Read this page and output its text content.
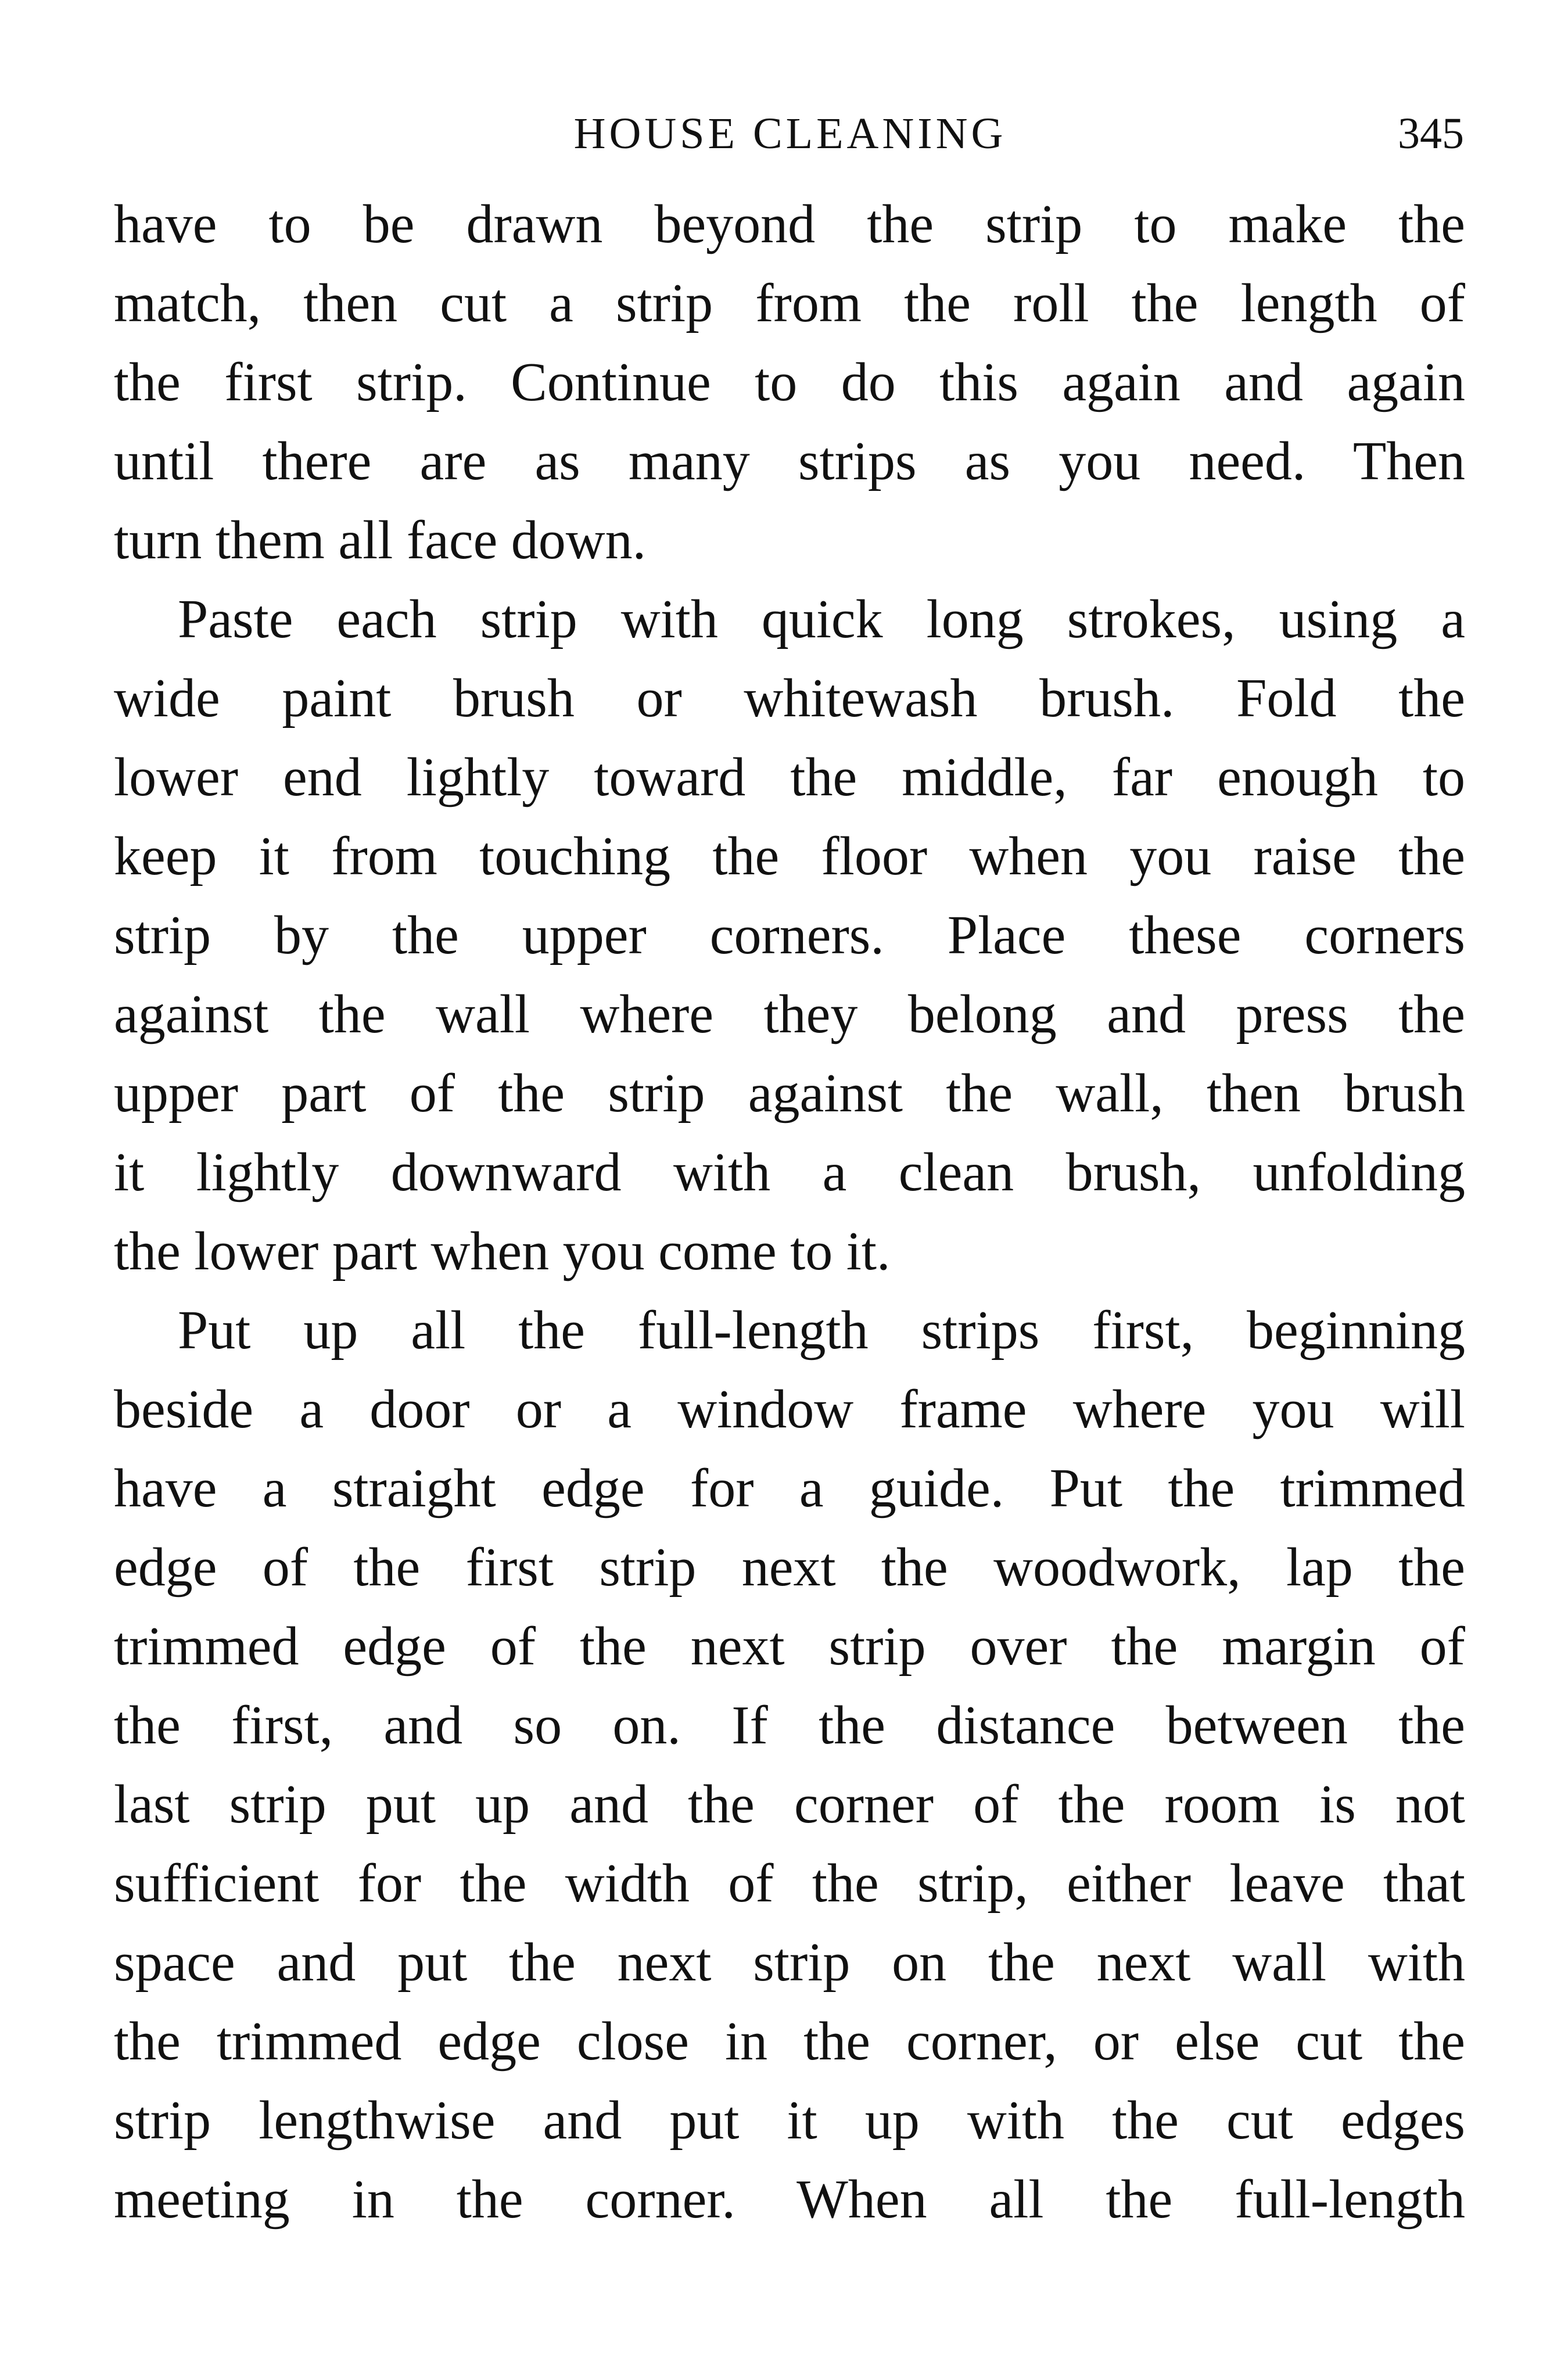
HOUSE CLEANING	345
have to be drawn beyond the strip to make the
match, then cut a strip from the roll the length of
the first strip. Continue to do this again and again
until there are as many strips as you need. Then
turn them all face down.
Paste each strip with quick long strokes, using a
wide paint brush or whitewash brush. Fold the
lower end lightly toward the middle, far enough to
keep it from touching the floor when you raise the
strip by the upper corners. Place these corners
against the wall where they belong and press the
upper part of the strip against the wall, then brush
it lightly downward with a clean brush, unfolding
the lower part when you come to it.
Put up all the full-length strips first, beginning
beside a door or a window frame where you will
have a straight edge for a guide. Put the trimmed
edge of the first strip next the woodwork, lap the
trimmed edge of the next strip over the margin of
the first, and so on. If the distance between the
last strip put up and the corner of the room is not
sufficient for the width of the strip, either leave that
space and put the next strip on the next wall with
the trimmed edge close in the corner, or else cut the
strip lengthwise and put it up with the cut edges
meeting in the corner. When all the full-length
